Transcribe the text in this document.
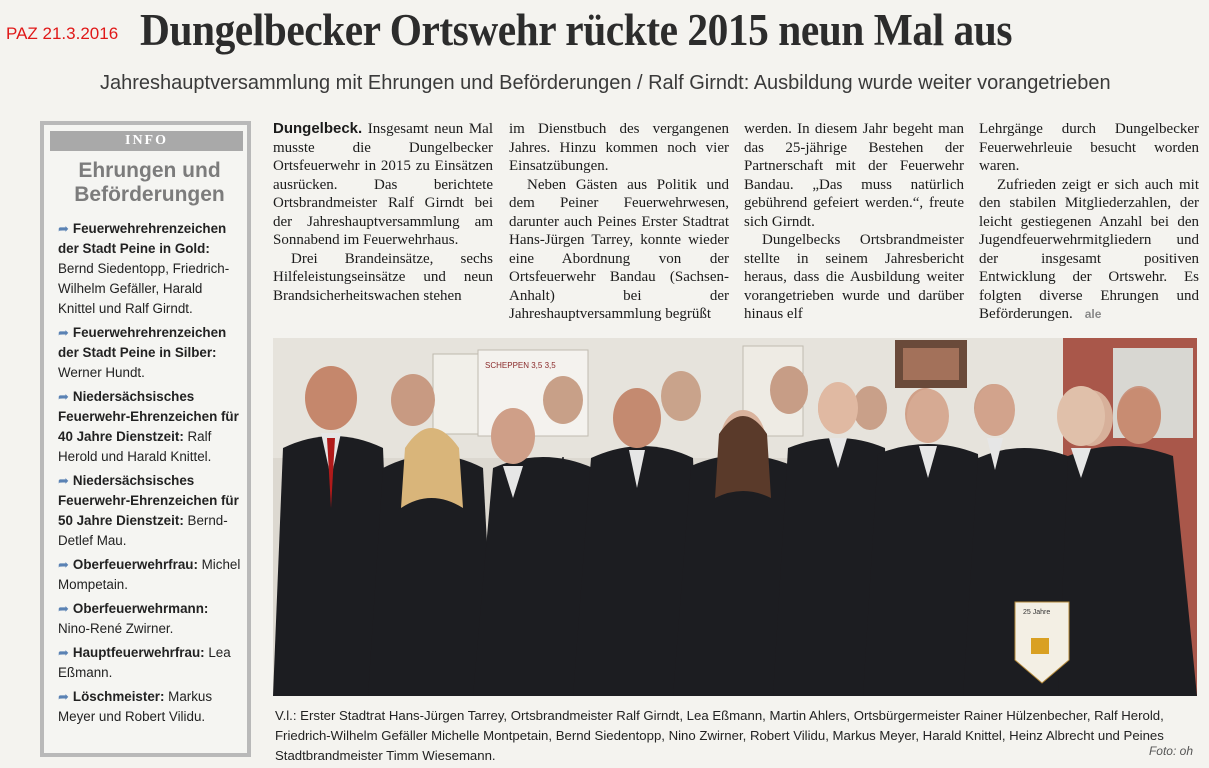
PAZ 21.3.2016 Dungelbecker Ortswehr rückte 2015 neun Mal aus
Jahreshauptversammlung mit Ehrungen und Beförderungen / Ralf Girndt: Ausbildung wurde weiter vorangetrieben
INFO
Ehrungen und Beförderungen
➦ Feuerwehrehrenzeichen der Stadt Peine in Gold: Bernd Siedentopp, Friedrich-Wilhelm Gefäller, Harald Knittel und Ralf Girndt.
➦ Feuerwehrehrenzeichen der Stadt Peine in Silber: Werner Hundt.
➦ Niedersächsisches Feuerwehr-Ehrenzeichen für 40 Jahre Dienstzeit: Ralf Herold und Harald Knittel.
➦ Niedersächsisches Feuerwehr-Ehrenzeichen für 50 Jahre Dienstzeit: Bernd-Detlef Mau.
➦ Oberfeuerwehrfrau: Michel Mompetain.
➦ Oberfeuerwehrmann: Nino-René Zwirner.
➦ Hauptfeuerwehrfrau: Lea Eßmann.
➦ Löschmeister: Markus Meyer und Robert Vilidu.

Dungelbeck. Insgesamt neun Mal musste die Dungelbecker Ortsfeuerwehr in 2015 zu Einsätzen ausrücken. Das berichtete Ortsbrandmeister Ralf Girndt bei der Jahreshauptversammlung am Sonnabend im Feuerwehrhaus.

Drei Brandeinsätze, sechs Hilfeleistungseinsätze und neun Brandsicherheitswachen stehen

im Dienstbuch des vergangenen Jahres. Hinzu kommen noch vier Einsatzübungen.

Neben Gästen aus Politik und dem Peiner Feuerwehrwesen, darunter auch Peines Erster Stadtrat Hans-Jürgen Tarrey, konnte wieder eine Abordnung von der Ortsfeuerwehr Bandau (Sachsen-Anhalt) bei der Jahreshauptversammlung begrüßt

werden. In diesem Jahr begeht man das 25-jährige Bestehen der Partnerschaft mit der Feuerwehr Bandau. „Das muss natürlich gebührend gefeiert werden.“, freute sich Girndt.

Dungelbecks Ortsbrandmeister stellte in seinem Jahresbericht heraus, dass die Ausbildung weiter vorangetrieben wurde und darüber hinaus elf

Lehrgänge durch Dungelbecker Feuerwehrleuie besucht worden waren.

Zufrieden zeigt er sich auch mit den stabilen Mitgliederzahlen, der leicht gestiegenen Anzahl bei den Jugendfeuerwehrmitgliedern und der insgesamt positiven Entwicklung der Ortswehr. Es folgten diverse Ehrungen und Beförderungen. ale

SCHEPPEN 3,5 3,5
25 Jahre
V.l.: Erster Stadtrat Hans-Jürgen Tarrey, Ortsbrandmeister Ralf Girndt, Lea Eßmann, Martin Ahlers, Ortsbürgermeister Rainer Hülzenbecher, Ralf Herold, Friedrich-Wilhelm Gefäller Michelle Montpetain, Bernd Siedentopp, Nino Zwirner, Robert Vilidu, Markus Meyer, Harald Knittel, Heinz Albrecht und Peines Stadtbrandmeister Timm Wiesemann.	Foto: oh
